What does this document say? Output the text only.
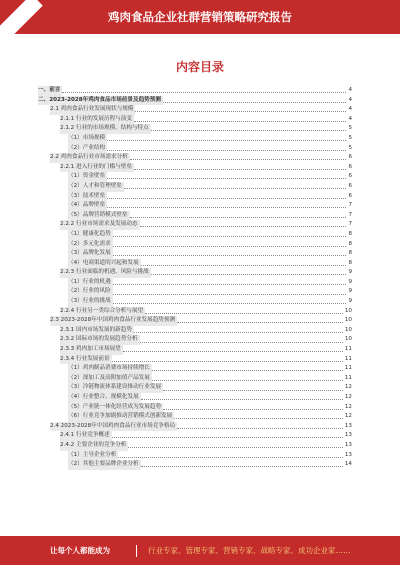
鸡肉食品企业社群营销策略研究报告
内容目录
一、前言	4
二、2023-2028年鸡肉食品市场前景及趋势预测	4
2.1 鸡肉食品行业发展现状与规模	4
2.1.1 行业的发展历程与演变	4
2.1.2 行业的市场规模、结构与特点	5
（1）市场规模	5
（2）产业结构	5
2.2 鸡肉食品行业市场需求分析	6
2.2.1 进入行业的门槛与壁垒	6
（1）资金壁垒	6
（2）人才和管理壁垒	6
（3）技术壁垒	6
（4）品牌壁垒	7
（5）品牌营销模式壁垒	7
2.2.2 行业市场需求及发展动态	7
（1）健康化趋势	8
（2）多元化需求	8
（3）品牌化发展	8
（4）电商渠道的兴起和发展	8
2.2.3 行业面临的机遇、风险与挑战	9
（1）行业的机遇	9
（2）行业的风险	9
（3）行业的挑战	9
2.2.4 行业另一类综合分析与展望	10
2.3 2023-2028年中国鸡肉食品行业发展趋势预测	10
2.3.1 国内市场发展的新趋势	10
2.3.2 国际市场的发展趋势分析	10
2.3.3 鸡肉加工市场展望	11
2.3.4 行业发展前景	11
（1）鸡肉制品消费市场持续增长	11
（2）深加工及高附加值产品发展	11
（3）冷链物流体系建设推动行业发展	12
（4）行业整合、规模化发展	12
（5）产业链一体化经营成为发展趋势	12
（6）行业竞争加剧推动营销模式创新发展	12
2.4 2023-2028年中国鸡肉食品行业市场竞争格局	13
2.4.1 行业竞争概述	13
2.4.2 主要企业的竞争分析	13
（1）主导企业分析	13
（2）其他主要品牌企业分析	14
让每个人都能成为	行业专家、管理专家、营销专家、战略专家、成功企业家……
